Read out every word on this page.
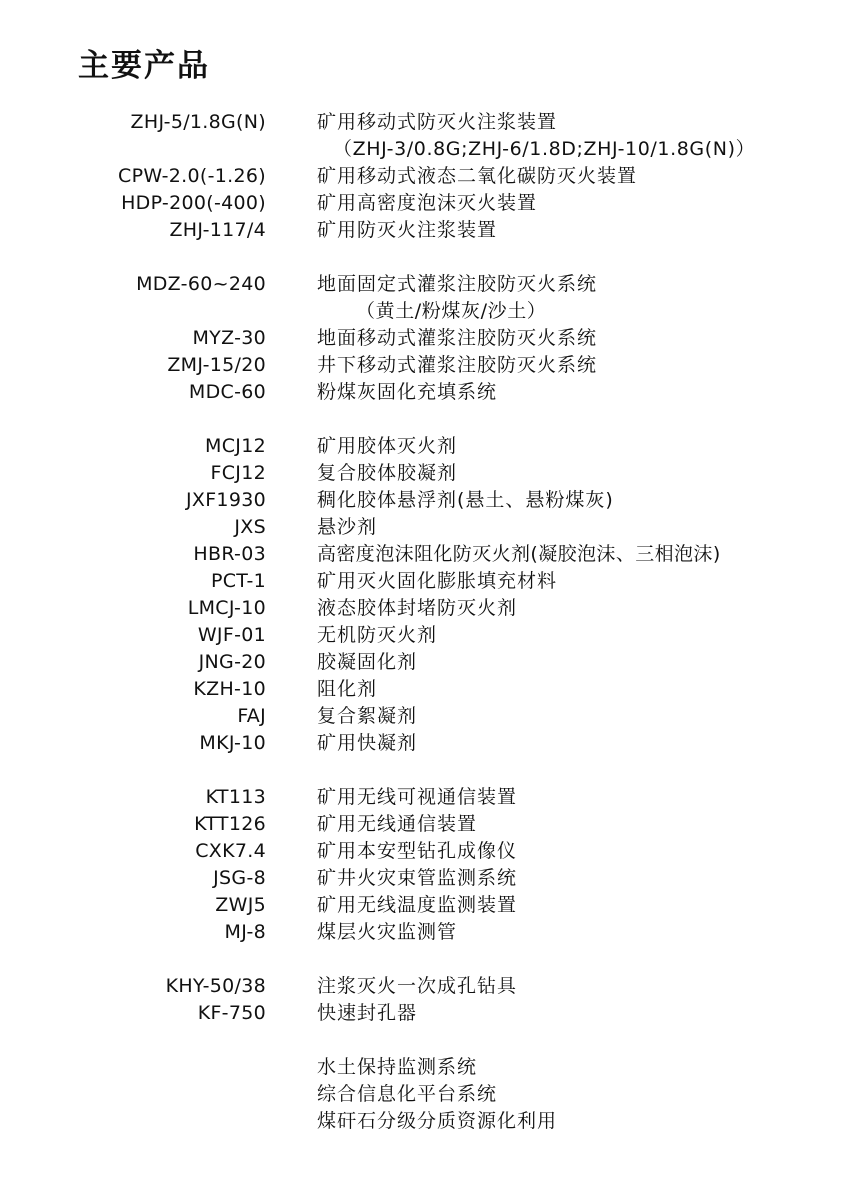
主要产品
ZHJ-5/1.8G(N)	矿用移动式防灭火注浆装置
（ZHJ-3/0.8G;ZHJ-6/1.8D;ZHJ-10/1.8G(N)）
CPW-2.0(-1.26)	矿用移动式液态二氧化碳防灭火装置
HDP-200(-400)	矿用高密度泡沫灭火装置
ZHJ-117/4	矿用防灭火注浆装置
MDZ-60~240	地面固定式灌浆注胶防灭火系统
（黄土/粉煤灰/沙土）
MYZ-30	地面移动式灌浆注胶防灭火系统
ZMJ-15/20	井下移动式灌浆注胶防灭火系统
MDC-60	粉煤灰固化充填系统
MCJ12	矿用胶体灭火剂
FCJ12	复合胶体胶凝剂
JXF1930	稠化胶体悬浮剂(悬土、悬粉煤灰)
JXS	悬沙剂
HBR-03	高密度泡沫阻化防灭火剂(凝胶泡沫、三相泡沫)
PCT-1	矿用灭火固化膨胀填充材料
LMCJ-10	液态胶体封堵防灭火剂
WJF-01	无机防灭火剂
JNG-20	胶凝固化剂
KZH-10	阻化剂
FAJ	复合絮凝剂
MKJ-10	矿用快凝剂
KT113	矿用无线可视通信装置
KTT126	矿用无线通信装置
CXK7.4	矿用本安型钻孔成像仪
JSG-8	矿井火灾束管监测系统
ZWJ5	矿用无线温度监测装置
MJ-8	煤层火灾监测管
KHY-50/38	注浆灭火一次成孔钻具
KF-750	快速封孔器
水土保持监测系统
综合信息化平台系统
煤矸石分级分质资源化利用
